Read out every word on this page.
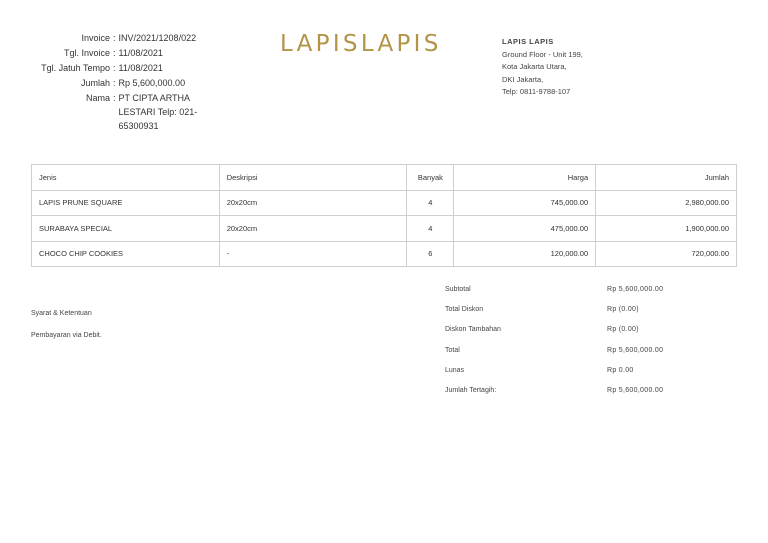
Invoice : INV/2021/1208/022
Tgl. Invoice : 11/08/2021
Tgl. Jatuh Tempo : 11/08/2021
Jumlah : Rp 5,600,000.00
Nama : PT CIPTA ARTHA LESTARI Telp: 021-65300931
LAPISLAPIS	LAPIS LAPIS
Ground Floor - Unit 199,
Kota Jakarta Utara,
DKI Jakarta,
Telp: 0811-9788-107
Jenis	Deskripsi	Banyak	Harga	Jumlah
LAPIS PRUNE SQUARE	20x20cm	4	745,000.00	2,980,000.00
SURABAYA SPECIAL	20x20cm	4	475,000.00	1,900,000.00
CHOCO CHIP COOKIES	-	6	120,000.00	720,000.00
Syarat & Ketentuan
Pembayaran via Debit.
Subtotal	Rp 5,600,000.00
Total Diskon	Rp (0.00)
Diskon Tambahan	Rp (0.00)
Total	Rp 5,600,000.00
Lunas	Rp 0.00
Jumlah Tertagih:	Rp 5,600,000.00
